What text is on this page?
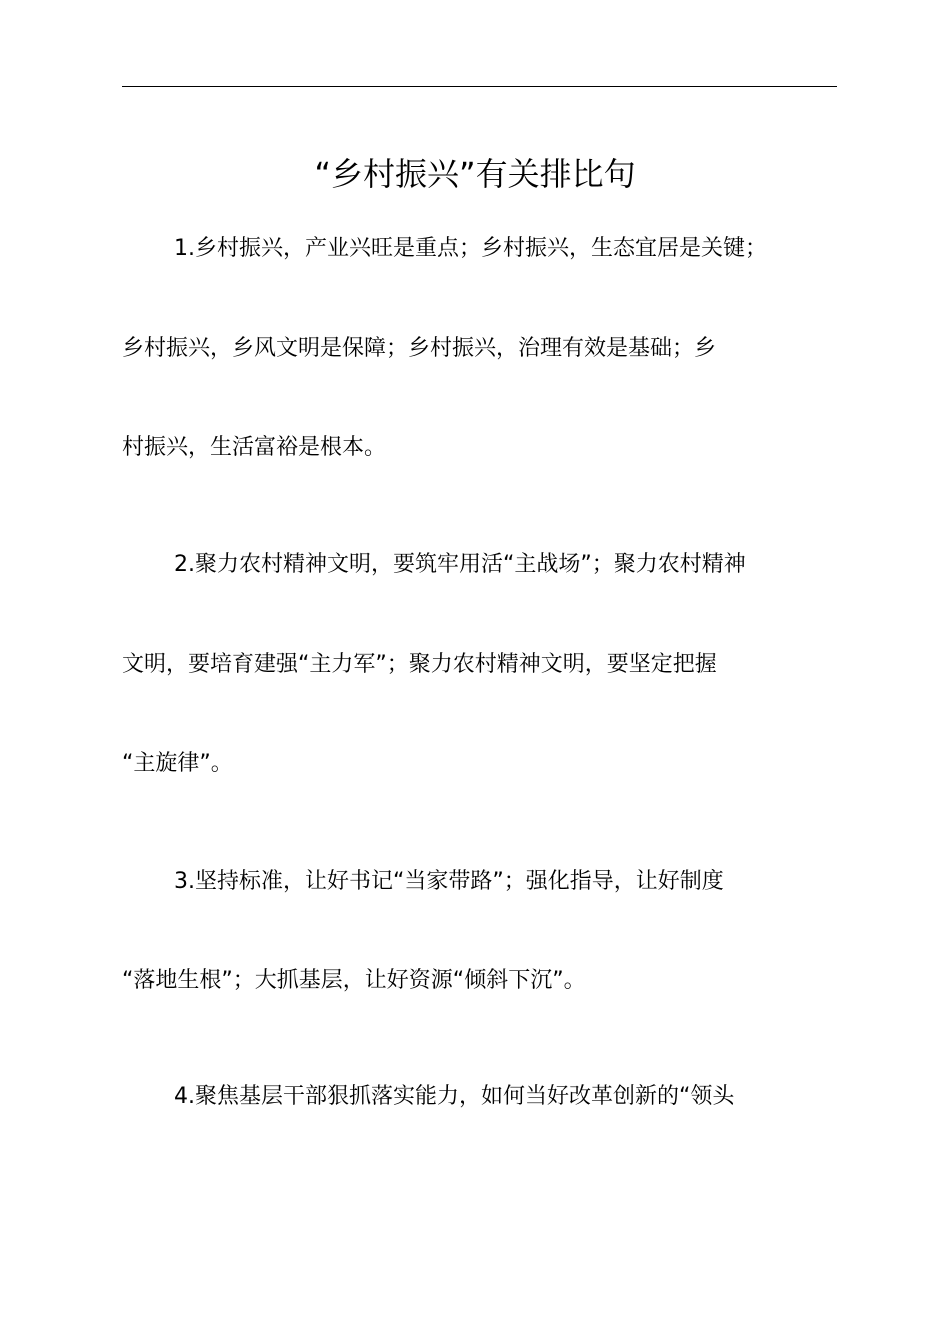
“乡村振兴”有关排比句
1.乡村振兴，产业兴旺是重点；乡村振兴，生态宜居是关键；
乡村振兴，乡风文明是保障；乡村振兴，治理有效是基础；乡
村振兴，生活富裕是根本。
2.聚力农村精神文明，要筑牢用活“主战场”；聚力农村精神
文明，要培育建强“主力军”；聚力农村精神文明，要坚定把握
“主旋律”。
3.坚持标准，让好书记“当家带路”；强化指导，让好制度
“落地生根”；大抓基层，让好资源“倾斜下沉”。
4.聚焦基层干部狠抓落实能力，如何当好改革创新的“领头
